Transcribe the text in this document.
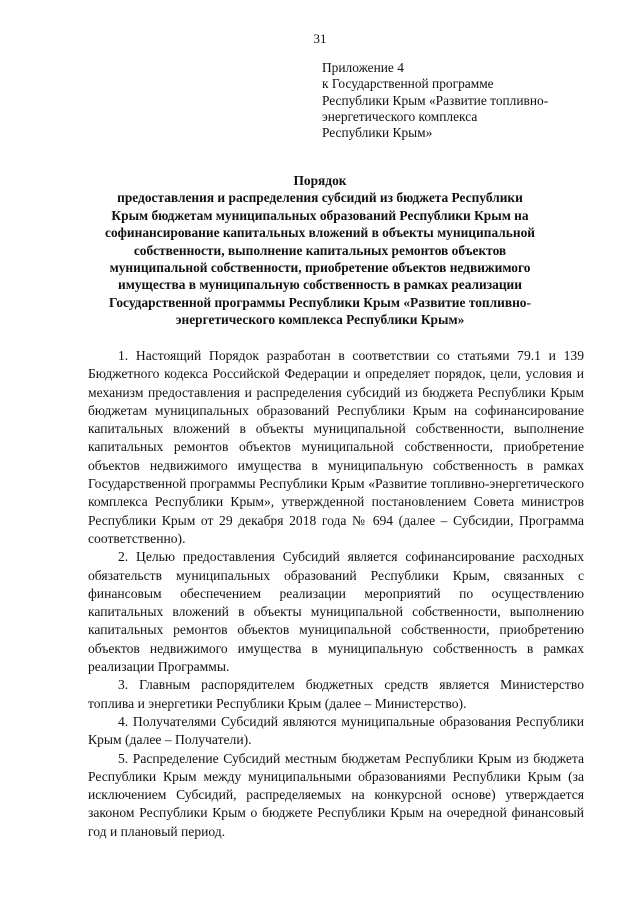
31
Приложение 4
к Государственной программе
Республики Крым «Развитие топливно-
энергетического комплекса
Республики Крым»
Порядок
предоставления и распределения субсидий из бюджета Республики
Крым бюджетам муниципальных образований Республики Крым на
софинансирование капитальных вложений в объекты муниципальной
собственности, выполнение капитальных ремонтов объектов
муниципальной собственности, приобретение объектов недвижимого
имущества в муниципальную собственность в рамках реализации
Государственной программы Республики Крым «Развитие топливно-
энергетического комплекса Республики Крым»

1. Настоящий Порядок разработан в соответствии со статьями 79.1 и 139 Бюджетного кодекса Российской Федерации и определяет порядок, цели, условия и механизм предоставления и распределения субсидий из бюджета Республики Крым бюджетам муниципальных образований Республики Крым на софинансирование капитальных вложений в объекты муниципальной собственности, выполнение капитальных ремонтов объектов муниципальной собственности, приобретение объектов недвижимого имущества в муниципальную собственность в рамках Государственной программы Республики Крым «Развитие топливно-энергетического комплекса Республики Крым», утвержденной постановлением Совета министров Республики Крым от 29 декабря 2018 года № 694 (далее – Субсидии, Программа соответственно).

2. Целью предоставления Субсидий является софинансирование расходных обязательств муниципальных образований Республики Крым, связанных с финансовым обеспечением реализации мероприятий по осуществлению капитальных вложений в объекты муниципальной собственности, выполнению капитальных ремонтов объектов муниципальной собственности, приобретению объектов недвижимого имущества в муниципальную собственность в рамках реализации Программы.

3. Главным распорядителем бюджетных средств является Министерство топлива и энергетики Республики Крым (далее – Министерство).

4. Получателями Субсидий являются муниципальные образования Республики Крым (далее – Получатели).

5. Распределение Субсидий местным бюджетам Республики Крым из бюджета Республики Крым между муниципальными образованиями Республики Крым (за исключением Субсидий, распределяемых на конкурсной основе) утверждается законом Республики Крым о бюджете Республики Крым на очередной финансовый год и плановый период.
